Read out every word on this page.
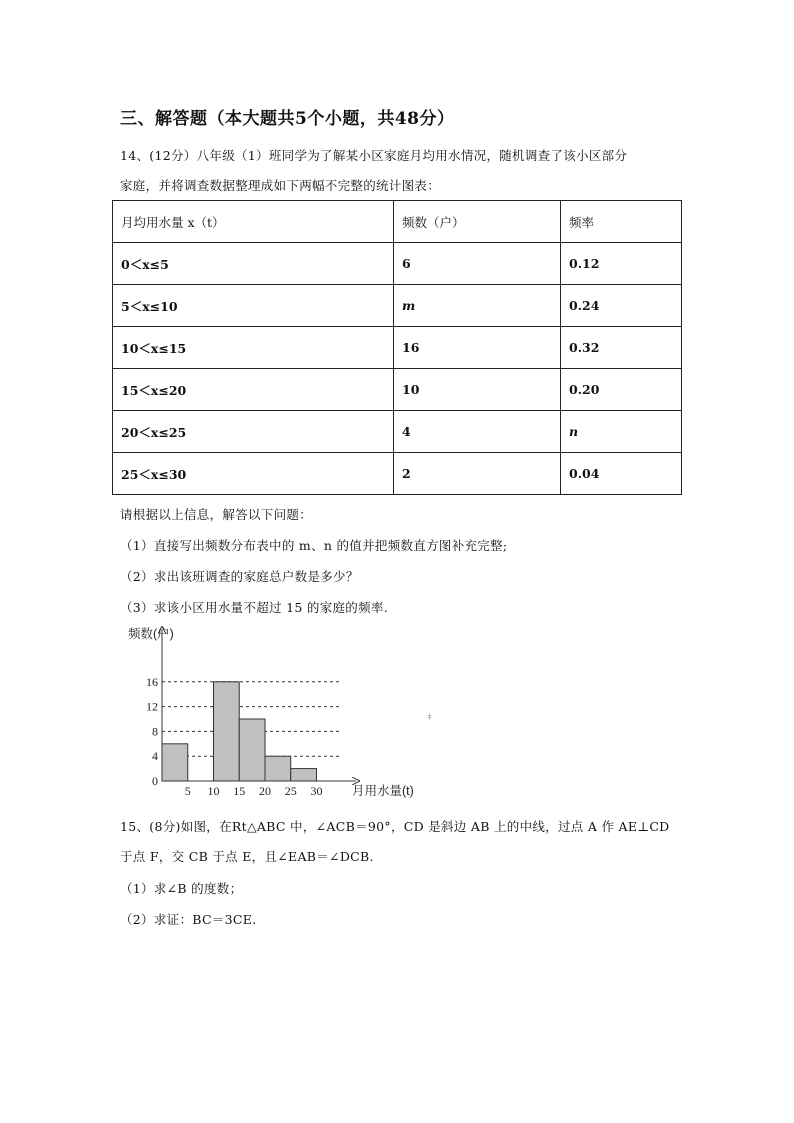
三、解答题（本大题共5个小题，共48分）
14、(12分）八年级（1）班同学为了解某小区家庭月均用水情况，随机调查了该小区部分
家庭，并将调查数据整理成如下两幅不完整的统计图表：
月均用水量 x（t）	频数（户）	频率
0＜x≤5	6	0.12
5＜x≤10	m	0.24
10＜x≤15	16	0.32
15＜x≤20	10	0.20
20＜x≤25	4	n
25＜x≤30	2	0.04
请根据以上信息，解答以下问题：
（1）直接写出频数分布表中的 m、n 的值并把频数直方图补充完整;
（2）求出该班调查的家庭总户数是多少？
（3）求该小区用水量不超过 15 的家庭的频率.
频数(户)
月用水量(t)
5 10 15 20 25 30
0
4
8
12
16
‡
15、(8分)如图，在Rt△ABC 中，∠ACB＝90°，CD 是斜边 AB 上的中线，过点 A 作 AE⊥CD
于点 F，交 CB 于点 E，且∠EAB＝∠DCB.
（1）求∠B 的度数；
（2）求证：BC＝3CE.
